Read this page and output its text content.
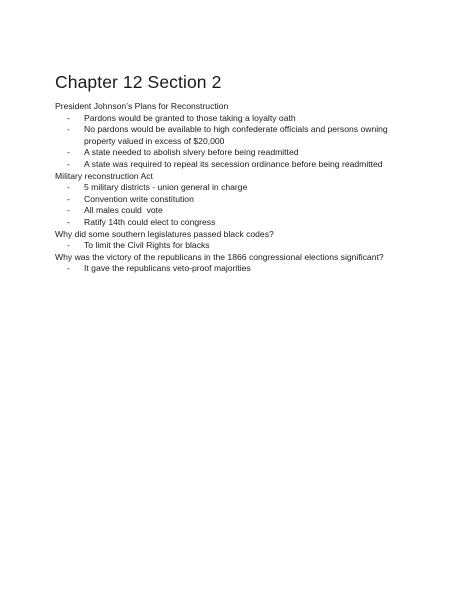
Chapter 12 Section 2
President Johnson’s Plans for Reconstruction
- Pardons would be granted to those taking a loyalty oath
- No pardons would be available to high confederate officials and persons owning property valued in excess of $20,000
- A state needed to abolish slvery before being readmitted
- A state was required to repeal its secession ordinance before being readmitted
Military reconstruction Act
- 5 military districts - union general in charge
- Convention write constitution
- All males could  vote
- Ratify 14th could elect to congress
Why did some southern legislatures passed black codes?
- To limit the Civil Rights for blacks
Why was the victory of the republicans in the 1866 congressional elections significant?
- It gave the republicans veto-proof majorities
